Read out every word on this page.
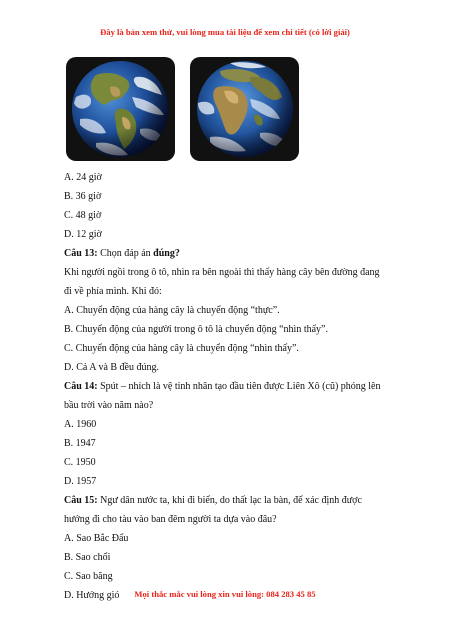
Đây là bản xem thử, vui lòng mua tài liệu để xem chi tiết (có lời giải)

A. 24 giờ

B. 36 giờ

C. 48 giờ

D. 12 giờ

Câu 13: Chọn đáp án đúng?

Khi người ngồi trong ô tô, nhìn ra bên ngoài thì thấy hàng cây bên đường đang

đi về phía mình. Khi đó:

A. Chuyển động của hàng cây là chuyển động “thực”.

B. Chuyển động của người trong ô tô là chuyển động “nhìn thấy”.

C. Chuyển động của hàng cây là chuyển động “nhìn thấy”.

D. Cả A và B đều đúng.

Câu 14: Spút – nhích là vệ tinh nhân tạo đầu tiên được Liên Xô (cũ) phóng lên

bầu trời vào năm nào?

A. 1960

B. 1947

C. 1950

D. 1957

Câu 15: Ngư dân nước ta, khi đi biển, do thất lạc la bàn, để xác định được

hướng đi cho tàu vào ban đêm người ta dựa vào đâu?

A. Sao Bắc Đẩu

B. Sao chổi

C. Sao băng

D. Hướng gió	Mọi thắc mắc vui lòng xin vui lòng: 084 283 45 85
